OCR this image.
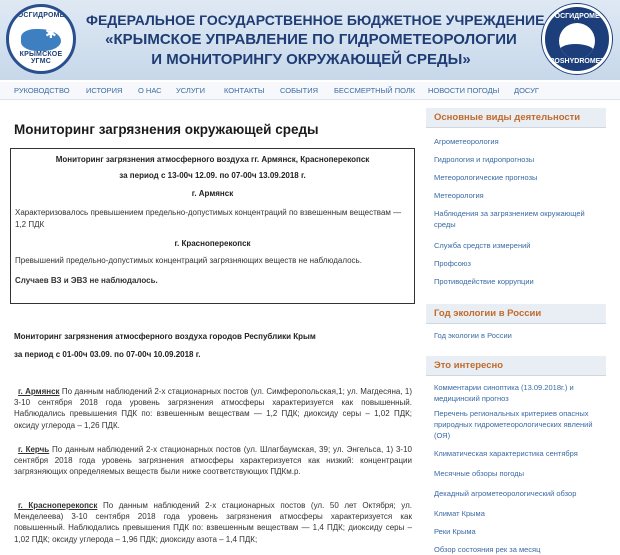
РОСГИДРОМЕТ
✱
КРЫМСКОЕ УГМС
ФЕДЕРАЛЬНОЕ ГОСУДАРСТВЕННОЕ БЮДЖЕТНОЕ УЧРЕЖДЕНИЕ
«КРЫМСКОЕ УПРАВЛЕНИЕ ПО ГИДРОМЕТЕОРОЛОГИИ
И МОНИТОРИНГУ ОКРУЖАЮЩЕЙ СРЕДЫ»
РОСГИДРОМЕТ
ROSHYDROMET
РУКОВОДСТВО ИСТОРИЯ О НАС УСЛУГИ	КОНТАКТЫ СОБЫТИЯ БЕССМЕРТНЫЙ ПОЛК НОВОСТИ ПОГОДЫ ДОСУГ
Мониторинг загрязнения окружающей среды
Мониторинг загрязнения атмосферного воздуха гг. Армянск, Красноперекопск
за период с 13-00ч 12.09. по 07-00ч 13.09.2018 г.
г. Армянск
Характеризовалось превышением предельно-допустимых концентраций по взвешенным веществам — 1,2 ПДК
г. Красноперекопск
Превышений предельно-допустимых концентраций загрязняющих веществ не наблюдалось.
Случаев ВЗ и ЭВЗ не наблюдалось.
Мониторинг загрязнения атмосферного воздуха городов Республики Крым
за период с 01-00ч 03.09. по 07-00ч 10.09.2018 г.
г. Армянск По данным наблюдений 2-х стационарных постов (ул. Симферопольская,1; ул. Магдесяна, 1) 3-10 сентября 2018 года уровень загрязнения атмосферы характеризуется как повышенный. Наблюдались превышения ПДК по: взвешенным веществам — 1,2 ПДК; диоксиду серы – 1,02 ПДК; оксиду углерода – 1,26 ПДК.
г. Керчь По данным наблюдений 2-х стационарных постов (ул. Шлагбаумская, 39; ул. Энгельса, 1) 3-10 сентября 2018 года уровень загрязнения атмосферы характеризуется как низкий: концентрации загрязняющих определяемых веществ были ниже соответствующих ПДКм.р.
г. Красноперекопск По данным наблюдений 2-х стационарных постов (ул. 50 лет Октября; ул. Менделеева) 3-10 сентября 2018 года уровень загрязнения атмосферы характеризуется как повышенный. Наблюдались превышения ПДК по: взвешенным веществам — 1,4 ПДК; диоксиду серы – 1,02 ПДК; оксиду углерода – 1,96 ПДК; диоксиду азота – 1,4 ПДК;
Основные виды деятельности
Агрометеорология
Гидрология и гидропрогнозы
Метеорологические прогнозы
Метеорология
Наблюдения за загрязнением окружающей среды
Служба средств измерений
Профсоюз
Противодействие коррупции
Год экологии в России
Год экологии в России
Это интересно
Комментарии синоптика (13.09.2018г.) и медицинский прогноз
Перечень региональных критериев опасных природных гидрометеорологических явлений (ОЯ)
Климатическая характеристика сентября
Месячные обзоры погоды
Декадный агрометеорологический обзор
Климат Крыма
Реки Крыма
Обзор состояния рек за месяц
